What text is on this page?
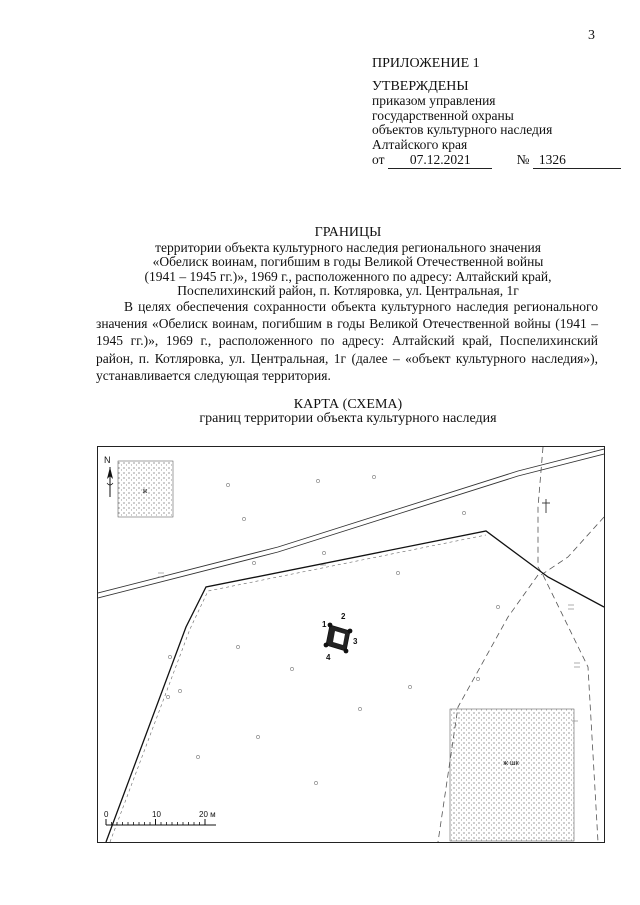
3
ПРИЛОЖЕНИЕ 1
УТВЕРЖДЕНЫ
приказом управления
государственной охраны
объектов культурного наследия
Алтайского края
от 07.12.2021	№ 1326
ГРАНИЦЫ
территории объекта культурного наследия регионального значения
«Обелиск воинам, погибшим в годы Великой Отечественной войны
(1941 – 1945 гг.)», 1969 г., расположенного по адресу: Алтайский край,
Поспелихинский район, п. Котляровка, ул. Центральная, 1г
В целях обеспечения сохранности объекта культурного наследия регионального значения «Обелиск воинам, погибшим в годы Великой Отечественной войны (1941 – 1945 гг.)», 1969 г., расположенного по адресу: Алтайский край, Поспелихинский район, п. Котляровка, ул. Центральная, 1г (далее – «объект культурного наследия»), устанавливается следующая территория.
КАРТА (СХЕМА)
границ территории объекта культурного наследия
ж
ж шк
N
1
2
3
4
0	10	20 м
